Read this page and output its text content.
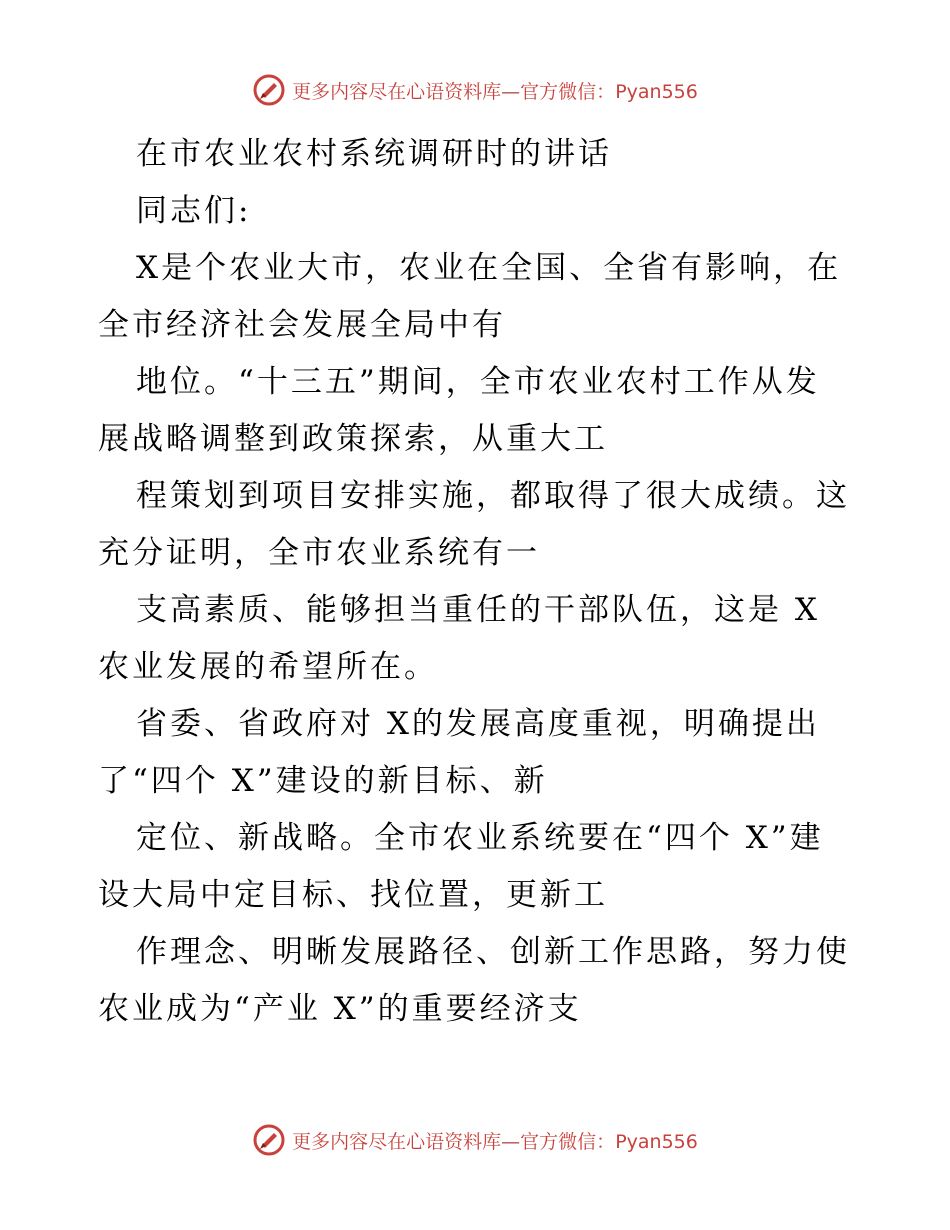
更多内容尽在心语资料库—官方微信：Pyan556
在市农业农村系统调研时的讲话
同志们:
X是个农业大市，农业在全国、全省有影响，在
全市经济社会发展全局中有
地位。“十三五”期间，全市农业农村工作从发
展战略调整到政策探索，从重大工
程策划到项目安排实施，都取得了很大成绩。这
充分证明，全市农业系统有一
支高素质、能够担当重任的干部队伍，这是 X
农业发展的希望所在。
省委、省政府对 X的发展高度重视，明确提出
了“四个 X”建设的新目标、新
定位、新战略。全市农业系统要在“四个 X”建
设大局中定目标、找位置，更新工
作理念、明晰发展路径、创新工作思路，努力使
农业成为“产业 X”的重要经济支
更多内容尽在心语资料库—官方微信：Pyan556
